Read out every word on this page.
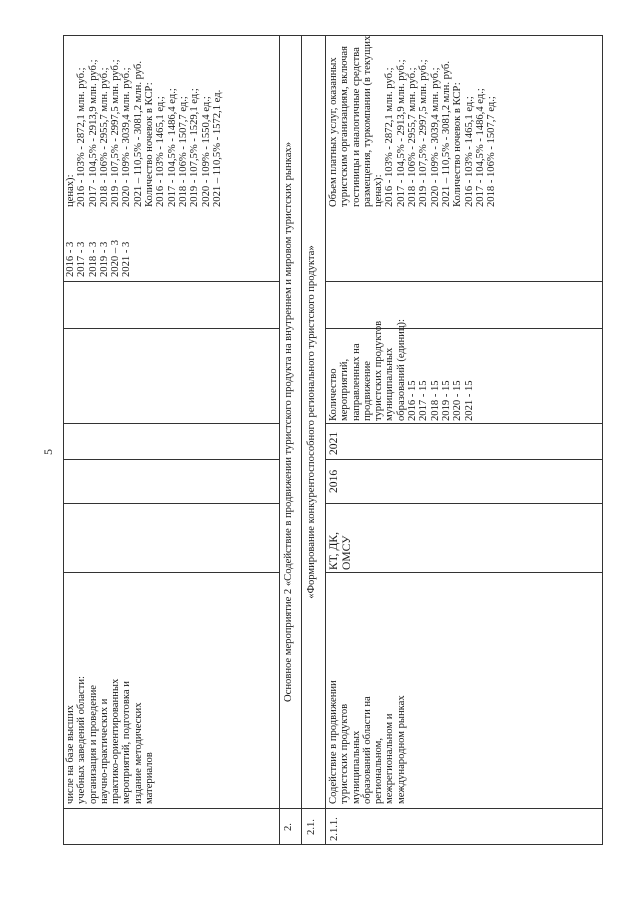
5
числе на базе высших учебных заведений области: организация и проведение научно-практических и практико-ориентированных мероприятий, подготовка и издание методических материалов
2016 - 3 2017 - 3 2018 - 3 2019 - 3 2020 – 3 2021 - 3
ценах): 2016 - 103% - 2872,1 млн. руб.; 2017 - 104,5% - 2913,9 млн. руб.; 2018 - 106% - 2955,7 млн. руб.; 2019 - 107,5% - 2997,5 млн. руб.; 2020 - 109% - 3039,4 млн. руб.; 2021 – 110,5% - 3081,2 млн. руб. Количество ночевок в КСР: 2016 - 103% - 1465,1 ед.; 2017 - 104,5% - 1486,4 ед.; 2018 - 106% - 1507,7 ед.; 2019 - 107,5% - 1529,1 ед.; 2020 - 109% - 1550,4 ед.; 2021 – 110,5% - 1572,1 ед.
2.
Основное мероприятие 2 «Содействие в продвижении туристского продукта на внутреннем и мировом туристских рынках»
2.1.
«Формирование конкурентоспособного регионального туристского продукта»
2.1.1.
Содействие в продвижении туристских продуктов муниципальных образований области на региональном, межрегиональном и международном рынках
КТ, ДК, ОМСУ
2016
2021
Количество мероприятий, направленных на продвижение туристских продуктов муниципальных образований (единиц): 2016 - 15 2017 - 15 2018 - 15 2019 - 15 2020 - 15 2021 - 15
Объем платных услуг, оказанных туристским организациям, включая гостиницы и аналогичные средства размещения, туркомпании (в текущих ценах): 2016 - 103% - 2872,1 млн. руб.; 2017 - 104,5% - 2913,9 млн. руб.; 2018 - 106% - 2955,7 млн. руб.; 2019 - 107,5% - 2997,5 млн. руб.; 2020 - 109% - 3039,4 млн. руб.; 2021 – 110,5% - 3081,2 млн. руб. Количество ночевок в КСР: 2016 - 103% - 1465,1 ед.; 2017 - 104,5% - 1486,4 ед.; 2018 - 106% - 1507,7 ед.;
